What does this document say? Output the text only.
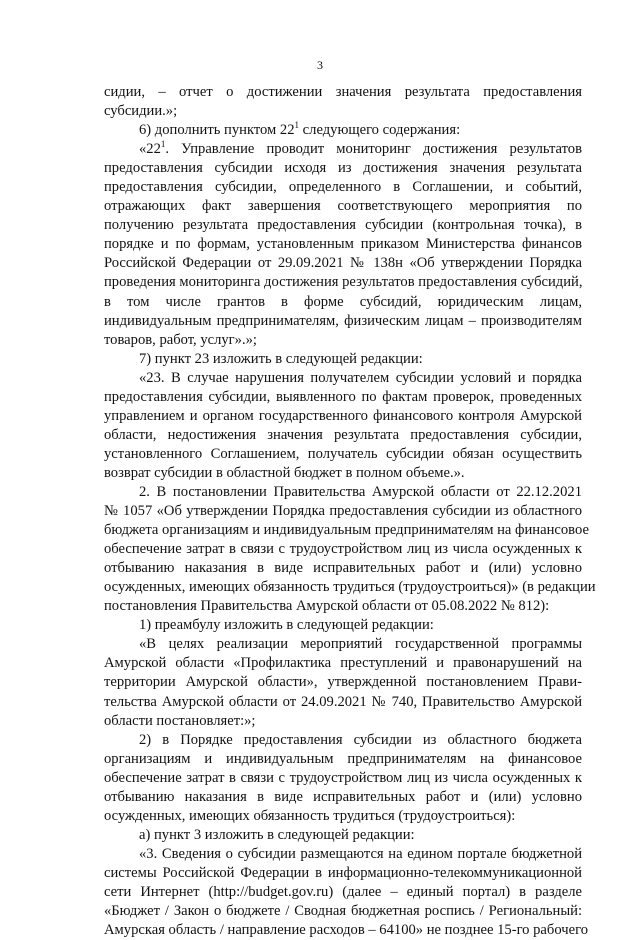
3
сидии, – отчет о достижении значения результата предоставления
субсидии.»;
6) дополнить пунктом $22^1$ следующего содержания:
«$22^1$. Управление проводит мониторинг достижения результатов
предоставления субсидии исходя из достижения значения результата
предоставления субсидии, определенного в Соглашении, и событий,
отражающих факт завершения соответствующего мероприятия по
получению результата предоставления субсидии (контрольная точка), в
порядке и по формам, установленным приказом Министерства финансов
Российской Федерации от 29.09.2021 № 138н «Об утверждении Порядка
проведения мониторинга достижения результатов предоставления субсидий,
в том числе грантов в форме субсидий, юридическим лицам,
индивидуальным предпринимателям, физическим лицам – производителям
товаров, работ, услуг».»;
7) пункт 23 изложить в следующей редакции:
«23. В случае нарушения получателем субсидии условий и порядка
предоставления субсидии, выявленного по фактам проверок, проведенных
управлением и органом государственного финансового контроля Амурской
области, недостижения значения результата предоставления субсидии,
установленного Соглашением, получатель субсидии обязан осуществить
возврат субсидии в областной бюджет в полном объеме.».
2. В постановлении Правительства Амурской области от 22.12.2021
№ 1057 «Об утверждении Порядка предоставления субсидии из областного
бюджета организациям и индивидуальным предпринимателям на финансовое
обеспечение затрат в связи с трудоустройством лиц из числа осужденных к
отбыванию наказания в виде исправительных работ и (или) условно
осужденных, имеющих обязанность трудиться (трудоустроиться)» (в редакции
постановления Правительства Амурской области от 05.08.2022 № 812):
1) преамбулу изложить в следующей редакции:
«В целях реализации мероприятий государственной программы
Амурской области «Профилактика преступлений и правонарушений на
территории Амурской области», утвержденной постановлением Прави-
тельства Амурской области от 24.09.2021 № 740, Правительство Амурской
области постановляет:»;
2) в Порядке предоставления субсидии из областного бюджета
организациям и индивидуальным предпринимателям на финансовое
обеспечение затрат в связи с трудоустройством лиц из числа осужденных к
отбыванию наказания в виде исправительных работ и (или) условно
осужденных, имеющих обязанность трудиться (трудоустроиться):
а) пункт 3 изложить в следующей редакции:
«3. Сведения о субсидии размещаются на едином портале бюджетной
системы Российской Федерации в информационно-телекоммуникационной
сети Интернет (http://budget.gov.ru) (далее – единый портал) в разделе
«Бюджет / Закон о бюджете / Сводная бюджетная роспись / Региональный:
Амурская область / направление расходов – 64100» не позднее 15-го рабочего
